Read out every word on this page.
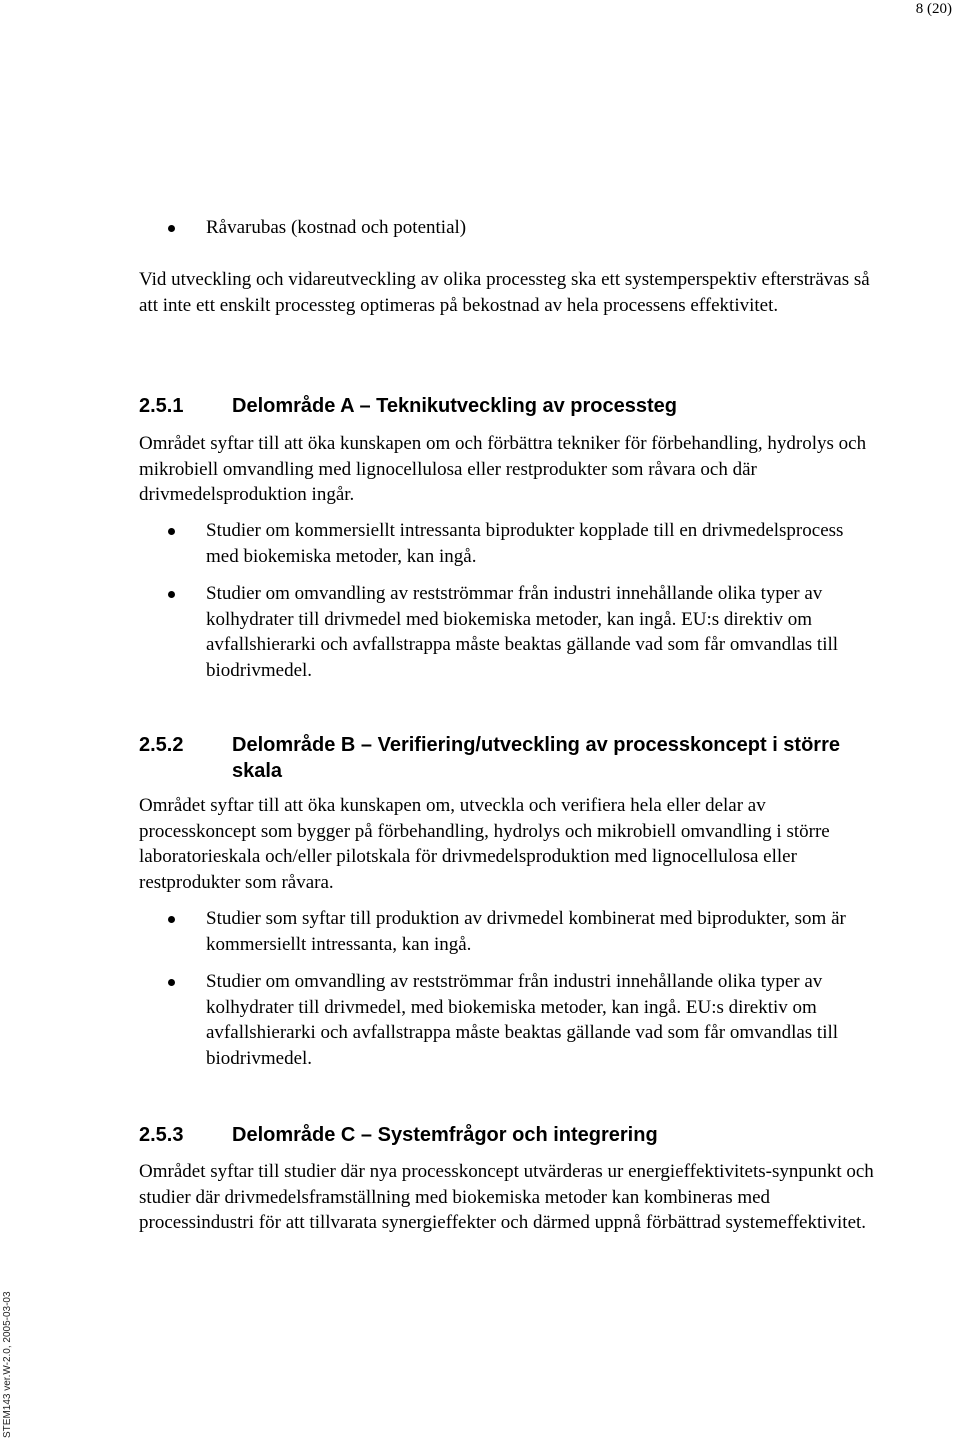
8 (20)
Råvarubas (kostnad och potential)

Vid utveckling och vidareutveckling av olika processteg ska ett systemperspektiv eftersträvas så att inte ett enskilt processteg optimeras på bekostnad av hela processens effektivitet.

2.5.1 Delområde A – Teknikutveckling av processteg

Området syftar till att öka kunskapen om och förbättra tekniker för förbehandling, hydrolys och mikrobiell omvandling med lignocellulosa eller restprodukter som råvara och där drivmedelsproduktion ingår.

Studier om kommersiellt intressanta biprodukter kopplade till en drivmedelsprocess med biokemiska metoder, kan ingå.
Studier om omvandling av restströmmar från industri innehållande olika typer av kolhydrater till drivmedel med biokemiska metoder, kan ingå. EU:s direktiv om avfallshierarki och avfallstrappa måste beaktas gällande vad som får omvandlas till biodrivmedel.
2.5.2 Delområde B – Verifiering/utveckling av processkoncept i större skala

Området syftar till att öka kunskapen om, utveckla och verifiera hela eller delar av processkoncept som bygger på förbehandling, hydrolys och mikrobiell omvandling i större laboratorieskala och/eller pilotskala för drivmedelsproduktion med lignocellulosa eller restprodukter som råvara.

Studier som syftar till produktion av drivmedel kombinerat med biprodukter, som är kommersiellt intressanta, kan ingå.
Studier om omvandling av restströmmar från industri innehållande olika typer av kolhydrater till drivmedel, med biokemiska metoder, kan ingå. EU:s direktiv om avfallshierarki och avfallstrappa måste beaktas gällande vad som får omvandlas till biodrivmedel.
2.5.3 Delområde C – Systemfrågor och integrering

Området syftar till studier där nya processkoncept utvärderas ur energieffektivitets-synpunkt och studier där drivmedelsframställning med biokemiska metoder kan kombineras med processindustri för att tillvarata synergieffekter och därmed uppnå förbättrad systemeffektivitet.

STEM143 ver.W-2.0, 2005-03-03
